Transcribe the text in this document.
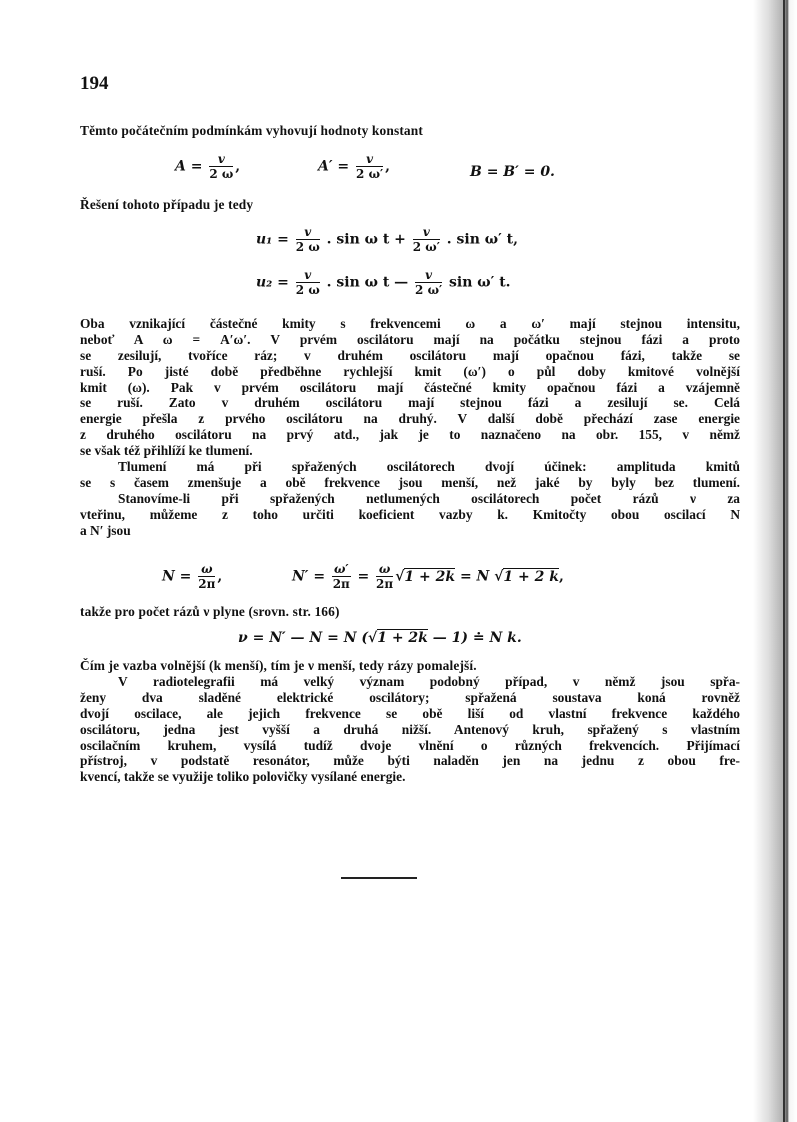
194
Těmto počátečním podmínkám vyhovují hodnoty konstant
$A = \frac{v}{2 \omega}$ ,	$A' = \frac{v}{2 \omega'}$ ,	B = B′ = 0.
Řešení tohoto případu je tedy
$u_1 = \frac{v}{2 \omega}$ . sin ω $t + \frac{v}{2 \omega'}$ . sin ω′ t,
$u_2 = \frac{v}{2 \omega}$ . sin ω t — $\frac{v}{2 \omega'}$ sin ω′ t.
Oba vznikající částečné kmity s frekvencemi ω a ω′ mají stejnou intensitu,
neboť A ω = A′ω′. V prvém oscilátoru mají na počátku stejnou fázi a proto
se zesilují, tvoříce ráz; v druhém oscilátoru mají opačnou fázi, takže se
ruší. Po jisté době předběhne rychlejší kmit (ω′) o půl doby kmitové volnější
kmit (ω). Pak v prvém oscilátoru mají částečné kmity opačnou fázi a vzájemně
se ruší. Zato v druhém oscilátoru mají stejnou fázi a zesilují se. Celá
energie přešla z prvého oscilátoru na druhý. V další době přechází zase energie
z druhého oscilátoru na prvý atd., jak je to naznačeno na obr. 155, v němž
se však též přihlíží ke tlumení.
Tlumení má při spřažených oscilátorech dvojí účinek: amplituda kmitů
se s časem zmenšuje a obě frekvence jsou menší, než jaké by byly bez tlumení.
Stanovíme-li při spřažených netlumených oscilátorech počet rázů ν za
vteřinu, můžeme z toho určiti koeficient vazby k. Kmitočty obou oscilací N
a N′ jsou
$N = \frac{\omega}{2\pi}$ ,	$N' = \frac{\omega'}{2\pi} = \frac{\omega}{2\pi} √1 + 2k = N$ √1 + 2 k,
takže pro počet rázů ν plyne (srovn. str. 166)
ν = N′ — N = N (√1 + 2k — 1) ≐ N k.
Čím je vazba volnější (k menší), tím je ν menší, tedy rázy pomalejší.
V radiotelegrafii má velký význam podobný případ, v němž jsou spřa-
ženy dva sladěné elektrické oscilátory; spřažená soustava koná rovněž
dvojí oscilace, ale jejich frekvence se obě liší od vlastní frekvence každého
oscilátoru, jedna jest vyšší a druhá nižší. Antenový kruh, spřažený s vlastním
oscilačním kruhem, vysílá tudíž dvoje vlnění o různých frekvencích. Přijímací
přístroj, v podstatě resonátor, může býti naladěn jen na jednu z obou fre-
kvencí, takže se využije toliko polovičky vysílané energie.
